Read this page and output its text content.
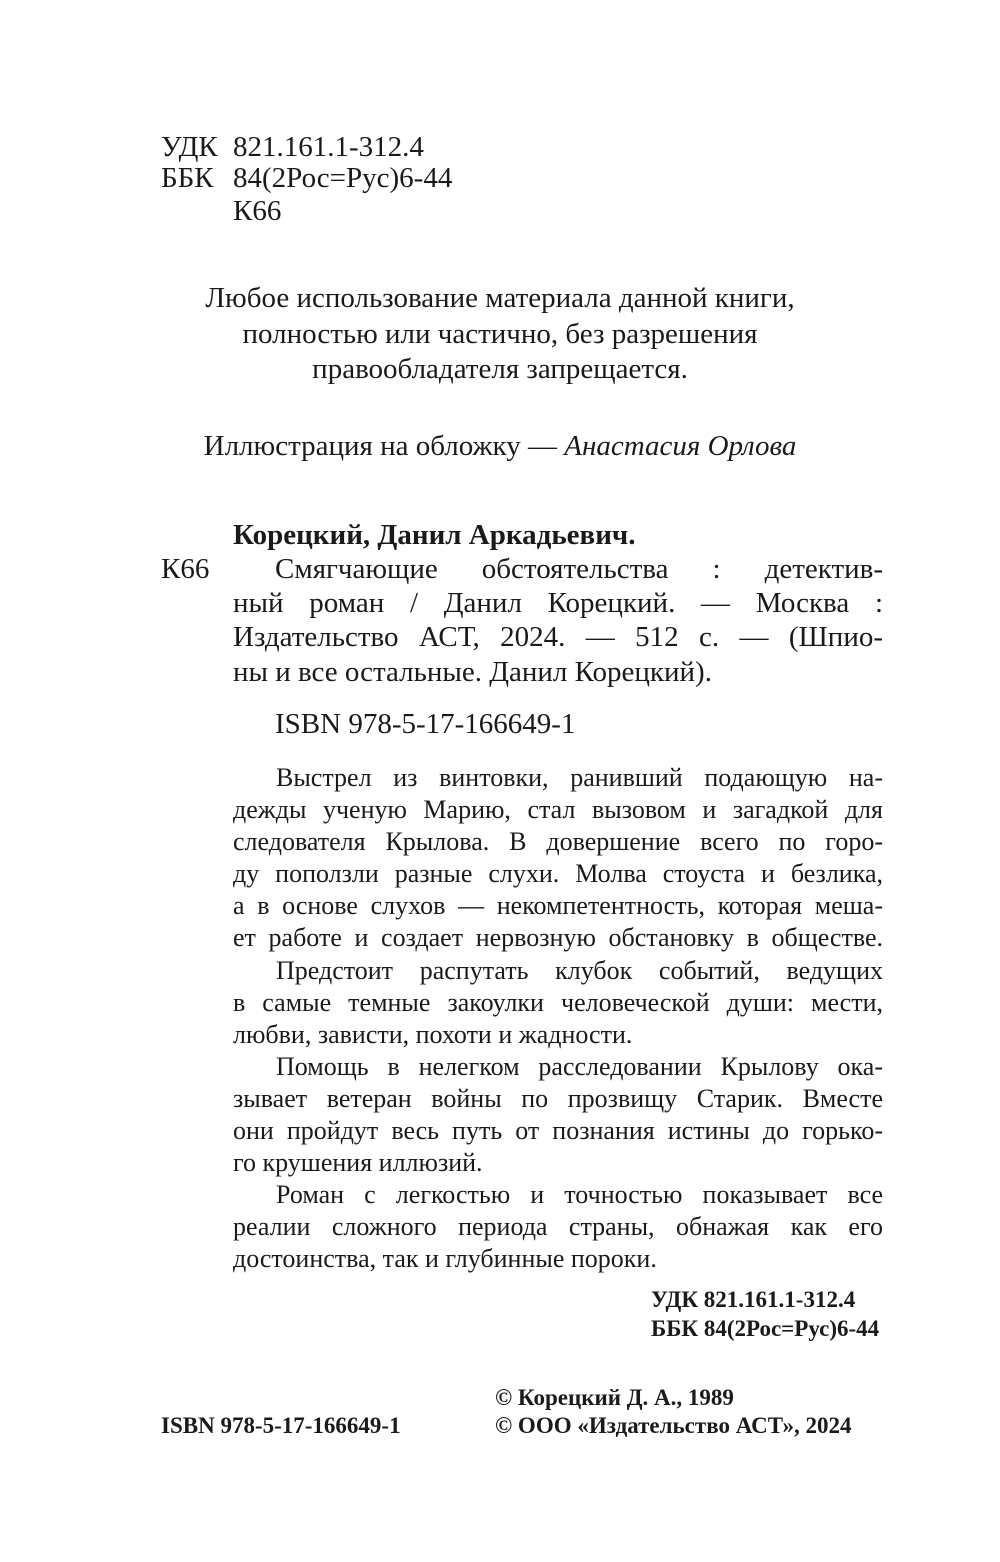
УДК 821.161.1-312.4
ББК 84(2Рос=Рус)6-44
К66
Любое использование материала данной книги,
полностью или частично, без разрешения
правообладателя запрещается.
Иллюстрация на обложку — Анастасия Орлова
Корецкий, Данил Аркадьевич.
К66 Смягчающие обстоятельства : детектив-
ный роман / Данил Корецкий. — Москва :
Издательство АСТ, 2024. — 512 с. — (Шпио-
ны и все остальные. Данил Корецкий).
ISBN 978-5-17-166649-1
Выстрел из винтовки, ранивший подающую на-
дежды ученую Марию, стал вызовом и загадкой для
следователя Крылова. В довершение всего по горо-
ду поползли разные слухи. Молва стоуста и безлика,
а в основе слухов — некомпетентность, которая меша-
ет работе и создает нервозную обстановку в обществе.
Предстоит распутать клубок событий, ведущих
в самые темные закоулки человеческой души: мести,
любви, зависти, похоти и жадности.
Помощь в нелегком расследовании Крылову ока-
зывает ветеран войны по прозвищу Старик. Вместе
они пройдут весь путь от познания истины до горько-
го крушения иллюзий.
Роман с легкостью и точностью показывает все
реалии сложного периода страны, обнажая как его
достоинства, так и глубинные пороки.
УДК 821.161.1-312.4
ББК 84(2Рос=Рус)6-44
© Корецкий Д. А., 1989
ISBN 978-5-17-166649-1	© ООО «Издательство АСТ», 2024
